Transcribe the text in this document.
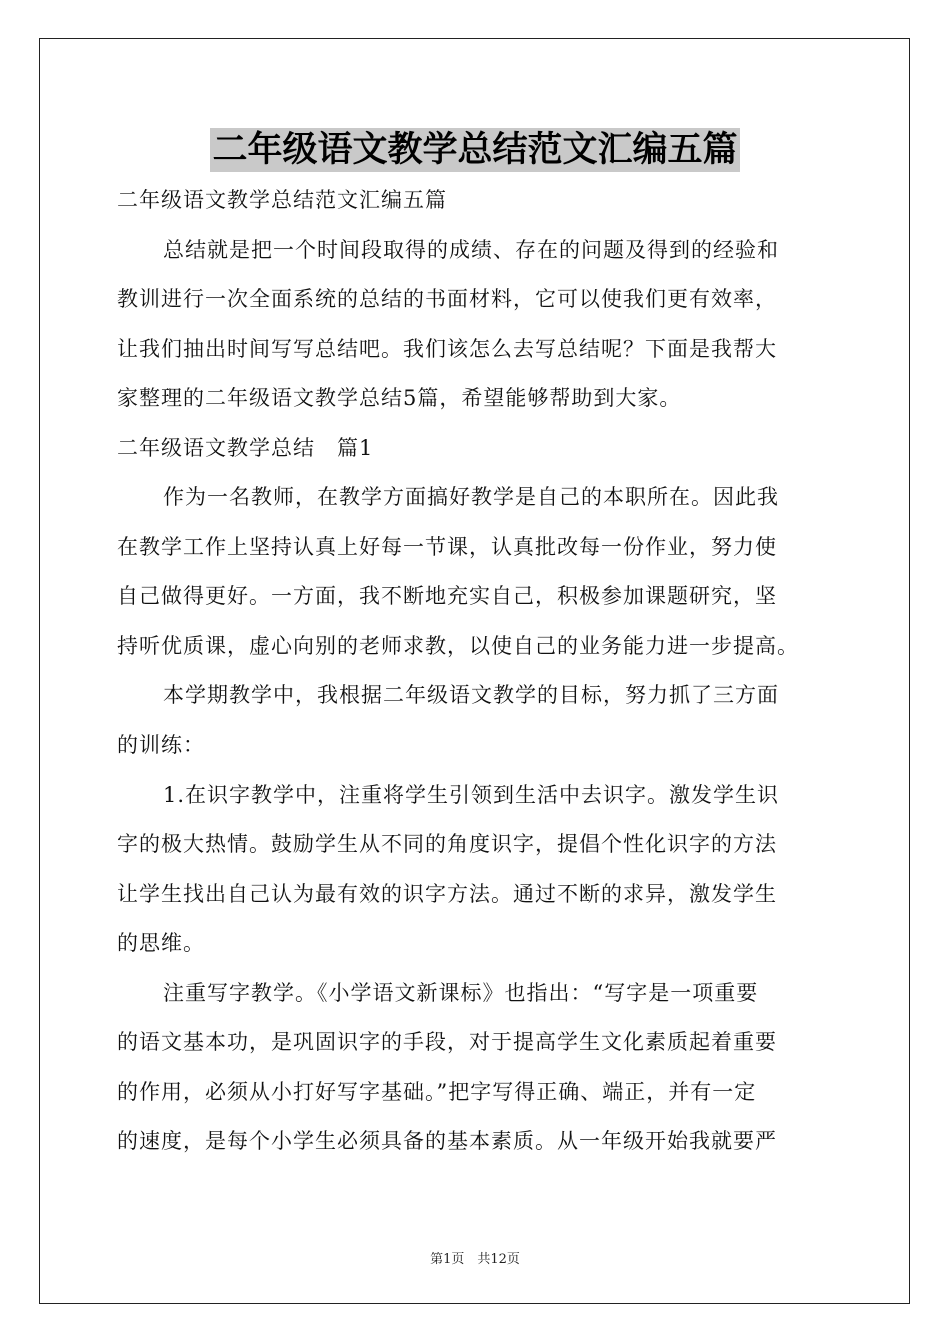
二年级语文教学总结范文汇编五篇
二年级语文教学总结范文汇编五篇
总结就是把一个时间段取得的成绩、存在的问题及得到的经验和
教训进行一次全面系统的总结的书面材料，它可以使我们更有效率，
让我们抽出时间写写总结吧。我们该怎么去写总结呢？下面是我帮大
家整理的二年级语文教学总结5篇，希望能够帮助到大家。
二年级语文教学总结　篇1
作为一名教师，在教学方面搞好教学是自己的本职所在。因此我
在教学工作上坚持认真上好每一节课，认真批改每一份作业，努力使
自己做得更好。一方面，我不断地充实自己，积极参加课题研究，坚
持听优质课，虚心向别的老师求教，以使自己的业务能力进一步提高。
本学期教学中，我根据二年级语文教学的目标，努力抓了三方面
的训练：
1.在识字教学中，注重将学生引领到生活中去识字。激发学生识
字的极大热情。鼓励学生从不同的角度识字，提倡个性化识字的方法
让学生找出自己认为最有效的识字方法。通过不断的求异，激发学生
的思维。
注重写字教学。《小学语文新课标》也指出：“写字是一项重要
的语文基本功，是巩固识字的手段，对于提高学生文化素质起着重要
的作用，必须从小打好写字基础。”把字写得正确、端正，并有一定
的速度，是每个小学生必须具备的基本素质。从一年级开始我就要严
第1页　共12页
